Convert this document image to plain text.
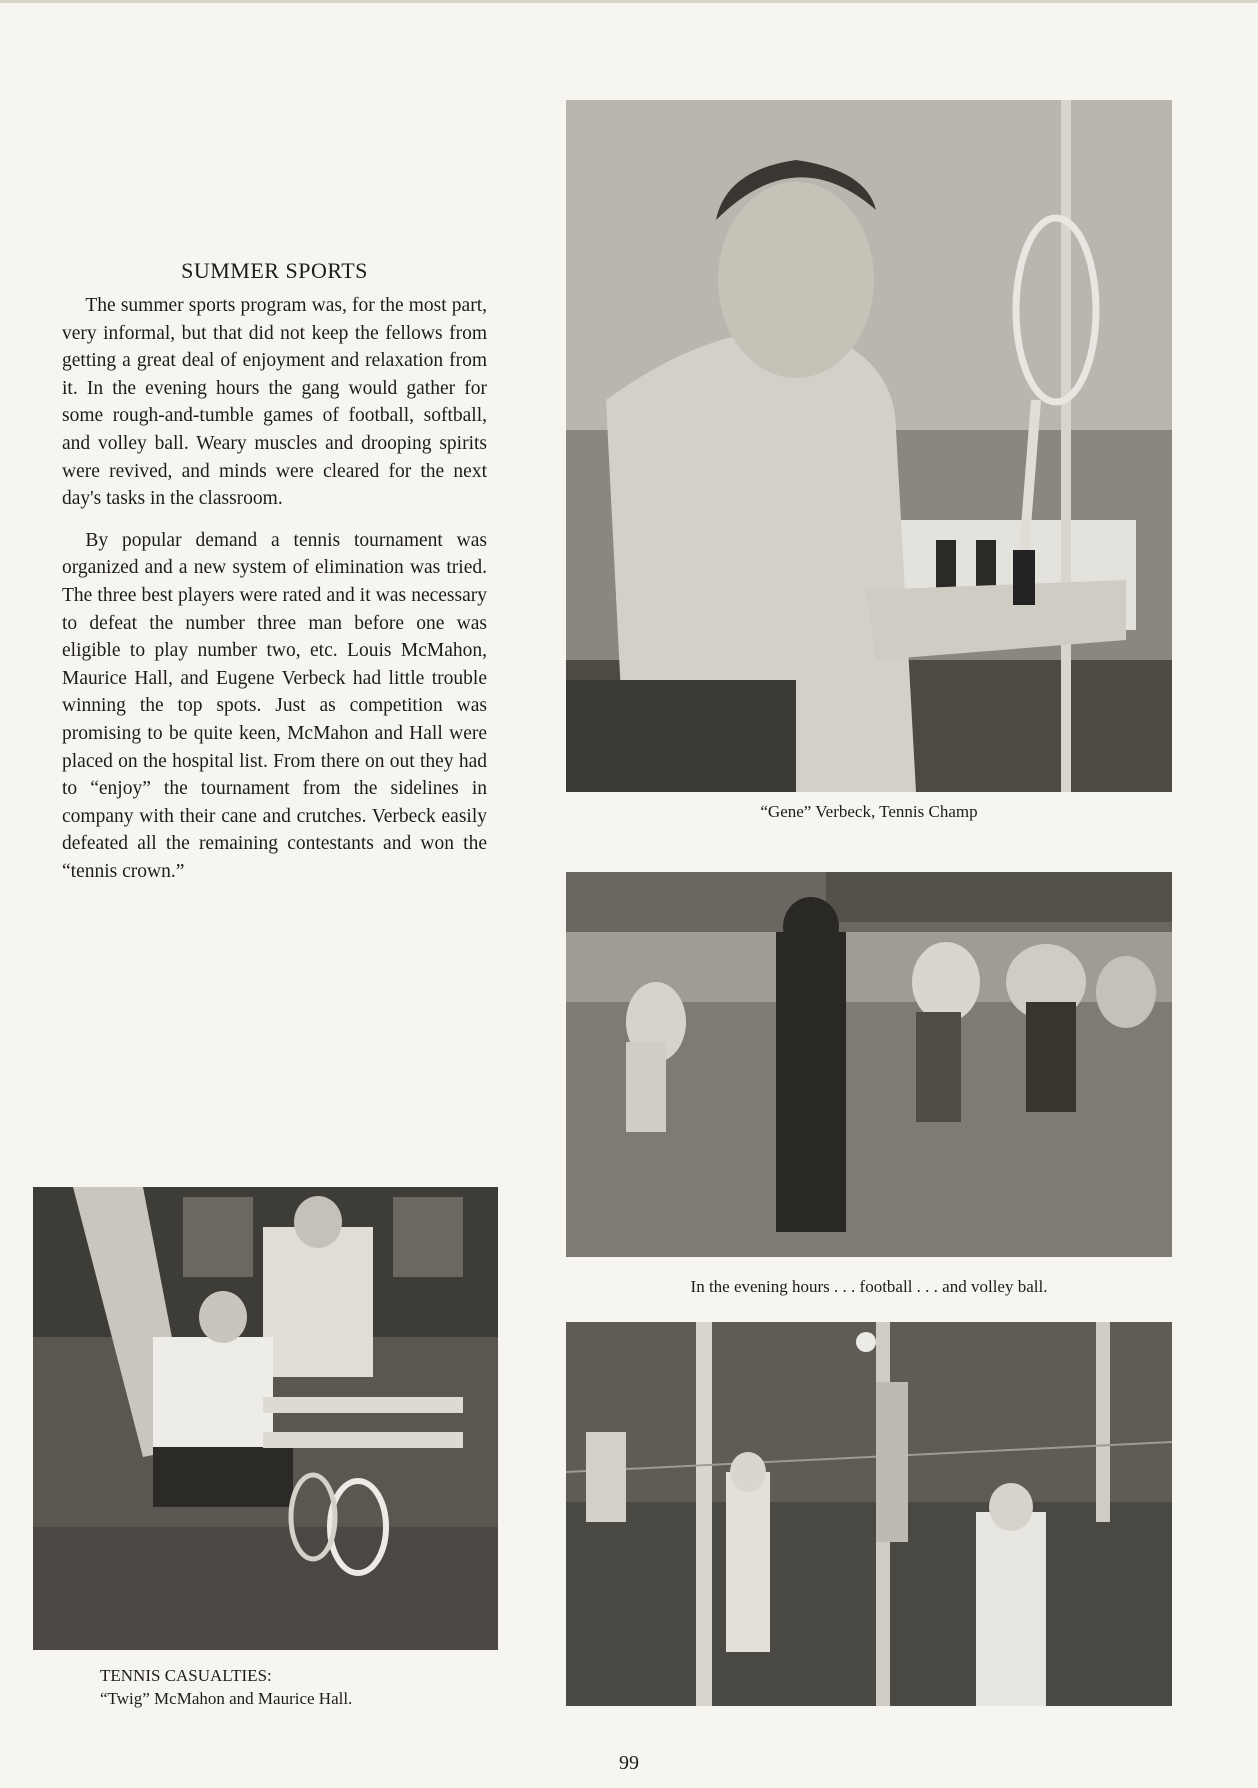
SUMMER SPORTS

The summer sports program was, for the most part, very informal, but that did not keep the fellows from getting a great deal of enjoyment and relaxation from it. In the evening hours the gang would gather for some rough-and-tumble games of football, softball, and volley ball. Weary muscles and drooping spirits were revived, and minds were cleared for the next day's tasks in the classroom.

By popular demand a tennis tournament was organized and a new system of elimination was tried. The three best players were rated and it was necessary to defeat the number three man before one was eligible to play number two, etc. Louis McMahon, Maurice Hall, and Eugene Verbeck had little trouble winning the top spots. Just as competition was promising to be quite keen, McMahon and Hall were placed on the hospital list. From there on out they had to “enjoy” the tournament from the sidelines in company with their cane and crutches. Verbeck easily defeated all the remaining contestants and won the “tennis crown.”

“Gene” Verbeck, Tennis Champ
In the evening hours . . . football . . . and volley ball.
TENNIS CASUALTIES:
“Twig” McMahon and Maurice Hall.
99
